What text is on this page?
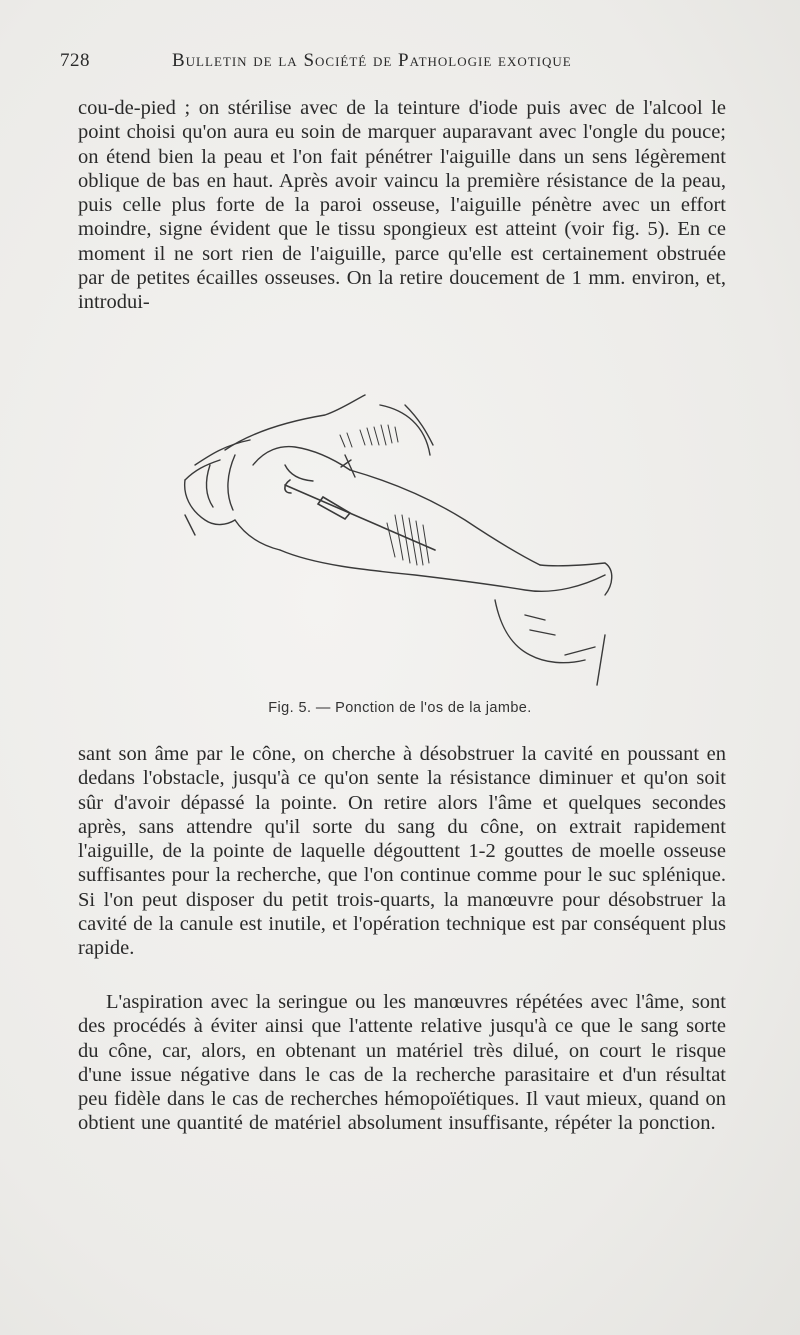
728	Bulletin de la Société de Pathologie exotique

cou-de-pied ; on stérilise avec de la teinture d'iode puis avec de l'alcool le point choisi qu'on aura eu soin de marquer auparavant avec l'ongle du pouce; on étend bien la peau et l'on fait pénétrer l'aiguille dans un sens légèrement oblique de bas en haut. Après avoir vaincu la première résistance de la peau, puis celle plus forte de la paroi osseuse, l'aiguille pénètre avec un effort moindre, signe évident que le tissu spongieux est atteint (voir fig. 5). En ce moment il ne sort rien de l'aiguille, parce qu'elle est certainement obstruée par de petites écailles osseuses. On la retire doucement de 1 mm. environ, et, introdui-

Fig. 5. — Ponction de l'os de la jambe.

sant son âme par le cône, on cherche à désobstruer la cavité en poussant en dedans l'obstacle, jusqu'à ce qu'on sente la résistance diminuer et qu'on soit sûr d'avoir dépassé la pointe. On retire alors l'âme et quelques secondes après, sans attendre qu'il sorte du sang du cône, on extrait rapidement l'aiguille, de la pointe de laquelle dégouttent 1-2 gouttes de moelle osseuse suffisantes pour la recherche, que l'on continue comme pour le suc splénique. Si l'on peut disposer du petit trois-quarts, la manœuvre pour désobstruer la cavité de la canule est inutile, et l'opération technique est par conséquent plus rapide.

L'aspiration avec la seringue ou les manœuvres répétées avec l'âme, sont des procédés à éviter ainsi que l'attente relative jusqu'à ce que le sang sorte du cône, car, alors, en obtenant un matériel très dilué, on court le risque d'une issue négative dans le cas de la recherche parasitaire et d'un résultat peu fidèle dans le cas de recherches hémopoïétiques. Il vaut mieux, quand on obtient une quantité de matériel absolument insuffisante, répéter la ponction.
